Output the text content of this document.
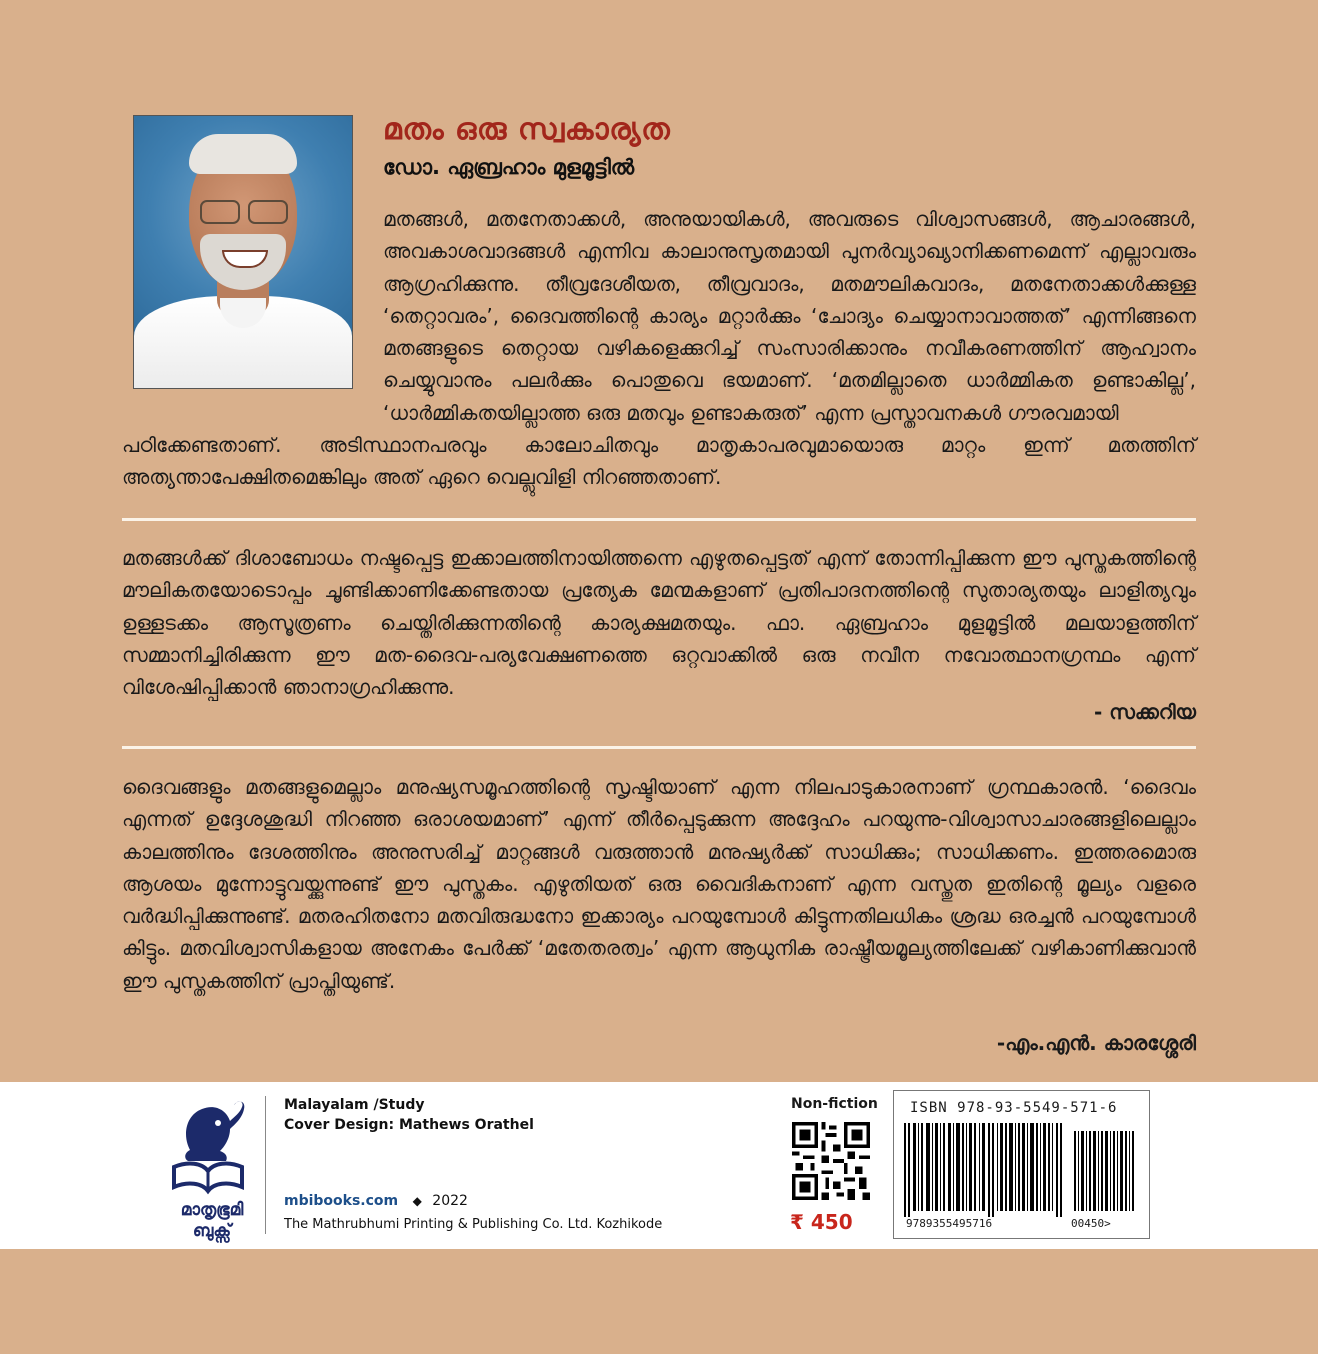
മതം ഒരു സ്വകാര്യത
ഡോ. ഏബ്രഹാം മുളമൂട്ടിൽ

മതങ്ങൾ, മതനേതാക്കൾ, അനുയായികൾ, അവരുടെ വിശ്വാസങ്ങൾ, ആചാരങ്ങൾ, അവകാശവാദങ്ങൾ എന്നിവ കാലാനുസൃതമായി പുനർവ്യാഖ്യാനിക്കണമെന്ന് എല്ലാവരും ആഗ്രഹിക്കുന്നു. തീവ്രദേശീയത, തീവ്രവാദം, മതമൗലികവാദം, മതനേതാക്കൾക്കുള്ള ‘തെറ്റാവരം’, ദൈവത്തിന്റെ കാര്യം മറ്റാർക്കും ‘ചോദ്യം ചെയ്യാനാവാത്തത്’ എന്നിങ്ങനെ മതങ്ങളുടെ തെറ്റായ വഴികളെക്കുറിച്ച് സംസാരിക്കാനും നവീകരണത്തിന് ആഹ്വാനം ചെയ്യുവാനും പലർക്കും പൊതുവെ ഭയമാണ്. ‘മതമില്ലാതെ ധാർമ്മികത ഉണ്ടാകില്ല’, ‘ധാർമ്മികതയില്ലാത്ത ഒരു മതവും ഉണ്ടാകരുത്’ എന്ന പ്രസ്താവനകൾ ഗൗരവമായി

പഠിക്കേണ്ടതാണ്. അടിസ്ഥാനപരവും കാലോചിതവും മാതൃകാപരവുമായൊരു മാറ്റം ഇന്ന് മതത്തിന് അത്യന്താപേക്ഷിതമെങ്കിലും അത് ഏറെ വെല്ലുവിളി നിറഞ്ഞതാണ്.

മതങ്ങൾക്ക് ദിശാബോധം നഷ്ടപ്പെട്ട ഇക്കാലത്തിനായിത്തന്നെ എഴുതപ്പെട്ടത് എന്ന് തോന്നിപ്പിക്കുന്ന ഈ പുസ്തകത്തിന്റെ മൗലികതയോടൊപ്പം ചൂണ്ടിക്കാണിക്കേണ്ടതായ പ്രത്യേക മേന്മകളാണ് പ്രതിപാദനത്തിന്റെ സുതാര്യതയും ലാളിത്യവും ഉള്ളടക്കം ആസൂത്രണം ചെയ്തിരിക്കുന്നതിന്റെ കാര്യക്ഷമതയും. ഫാ. ഏബ്രഹാം മുളമൂട്ടിൽ മലയാളത്തിന് സമ്മാനിച്ചിരിക്കുന്ന ഈ മത-ദൈവ-പര്യവേക്ഷണത്തെ ഒറ്റവാക്കിൽ ഒരു നവീന നവോത്ഥാനഗ്രന്ഥം എന്ന് വിശേഷിപ്പിക്കാൻ ഞാനാഗ്രഹിക്കുന്നു.

- സക്കറിയ

ദൈവങ്ങളും മതങ്ങളുമെല്ലാം മനുഷ്യസമൂഹത്തിന്റെ സൃഷ്ടിയാണ് എന്ന നിലപാടുകാരനാണ് ഗ്രന്ഥകാരൻ. ‘ദൈവം എന്നത് ഉദ്ദേശശുദ്ധി നിറഞ്ഞ ഒരാശയമാണ്’ എന്ന് തീർപ്പെടുക്കുന്ന അദ്ദേഹം പറയുന്നു-വിശ്വാസാചാരങ്ങളിലെല്ലാം കാലത്തിനും ദേശത്തിനും അനുസരിച്ച് മാറ്റങ്ങൾ വരുത്താൻ മനുഷ്യർക്ക് സാധിക്കും; സാധിക്കണം. ഇത്തരമൊരു ആശയം മുന്നോട്ടുവയ്ക്കുന്നുണ്ട് ഈ പുസ്തകം. എഴുതിയത് ഒരു വൈദികനാണ് എന്ന വസ്തുത ഇതിന്റെ മൂല്യം വളരെ വർദ്ധിപ്പിക്കുന്നുണ്ട്. മതരഹിതനോ മതവിരുദ്ധനോ ഇക്കാര്യം പറയുമ്പോൾ കിട്ടുന്നതിലധികം ശ്രദ്ധ ഒരച്ചൻ പറയുമ്പോൾ കിട്ടും. മതവിശ്വാസികളായ അനേകം പേർക്ക് ‘മതേതരത്വം’ എന്ന ആധുനിക രാഷ്ട്രീയമൂല്യത്തിലേക്ക് വഴികാണിക്കുവാൻ ഈ പുസ്തകത്തിന് പ്രാപ്തിയുണ്ട്.

-എം.എൻ. കാരശ്ശേരി

മാതൃഭൂമി
ബുക്സ്
Malayalam /Study
Cover Design: Mathews Orathel
mbibooks.com ◆ 2022
The Mathrubhumi Printing & Publishing Co. Ltd. Kozhikode
Non-fiction
₹ 450
ISBN 978-93-5549-571-6
9789355495716	00450>
